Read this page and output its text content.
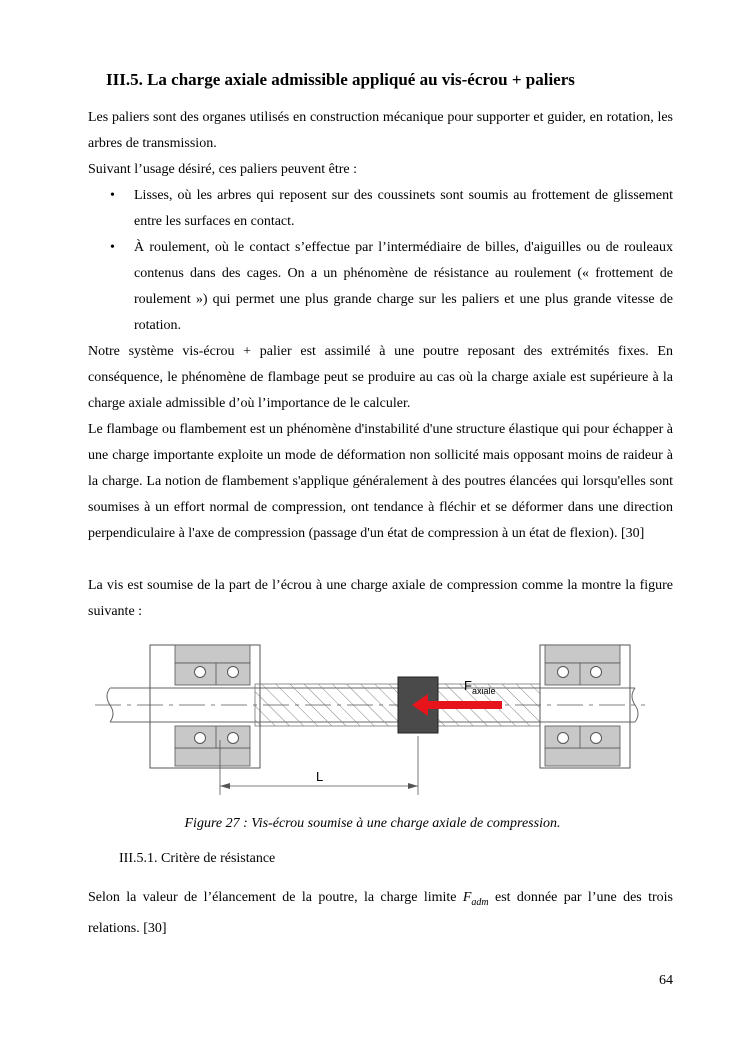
III.5. La charge axiale admissible appliqué au vis-écrou + paliers
Les paliers sont des organes utilisés en construction mécanique pour supporter et guider, en rotation, les arbres de transmission.
Suivant l’usage désiré, ces paliers peuvent être :
• Lisses, où les arbres qui reposent sur des coussinets sont soumis au frottement de glissement entre les surfaces en contact.
• À roulement, où le contact s’effectue par l’intermédiaire de billes, d'aiguilles ou de rouleaux contenus dans des cages. On a un phénomène de résistance au roulement (« frottement de roulement ») qui permet une plus grande charge sur les paliers et une plus grande vitesse de rotation.
Notre système vis-écrou + palier est assimilé à une poutre reposant des extrémités fixes. En conséquence, le phénomène de flambage peut se produire au cas où la charge axiale est supérieure à la charge axiale admissible d’où l’importance de le calculer.
Le flambage ou flambement est un phénomène d'instabilité d'une structure élastique qui pour échapper à une charge importante exploite un mode de déformation non sollicité mais opposant moins de raideur à la charge. La notion de flambement s'applique généralement à des poutres élancées qui lorsqu'elles sont soumises à un effort normal de compression, ont tendance à fléchir et se déformer dans une direction perpendiculaire à l'axe de compression (passage d'un état de compression à un état de flexion). [30]
La vis est soumise de la part de l’écrou à une charge axiale de compression comme la montre la figure suivante :
$F_{axiale}$
L
Figure 27 : Vis-écrou soumise à une charge axiale de compression.
III.5.1. Critère de résistance
Selon la valeur de l’élancement de la poutre, la charge limite $F_{adm}$ est donnée par l’une des trois relations. [30]
64
